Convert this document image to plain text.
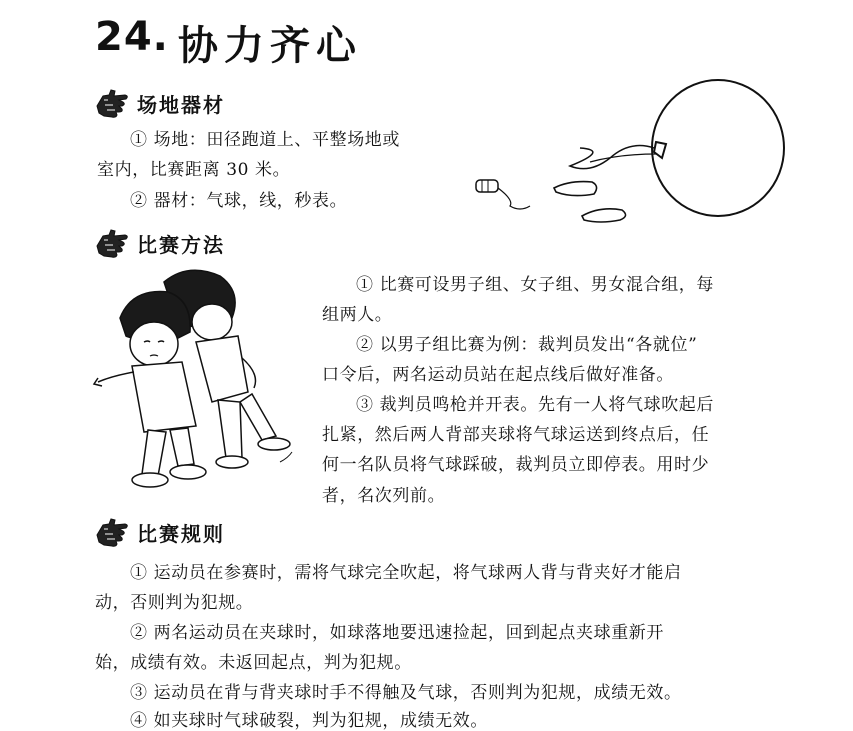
24. 协力齐心
场地器材
① 场地：田径跑道上、平整场地或
室内，比赛距离 30 米。
② 器材：气球，线，秒表。
比赛方法
① 比赛可设男子组、女子组、男女混合组，每
组两人。
② 以男子组比赛为例：裁判员发出“各就位”
口令后，两名运动员站在起点线后做好准备。
③ 裁判员鸣枪并开表。先有一人将气球吹起后
扎紧，然后两人背部夹球将气球运送到终点后，任
何一名队员将气球踩破，裁判员立即停表。用时少
者，名次列前。
比赛规则
① 运动员在参赛时，需将气球完全吹起，将气球两人背与背夹好才能启
动，否则判为犯规。
② 两名运动员在夹球时，如球落地要迅速捡起，回到起点夹球重新开
始，成绩有效。未返回起点，判为犯规。
③ 运动员在背与背夹球时手不得触及气球，否则判为犯规，成绩无效。
④ 如夹球时气球破裂，判为犯规，成绩无效。
